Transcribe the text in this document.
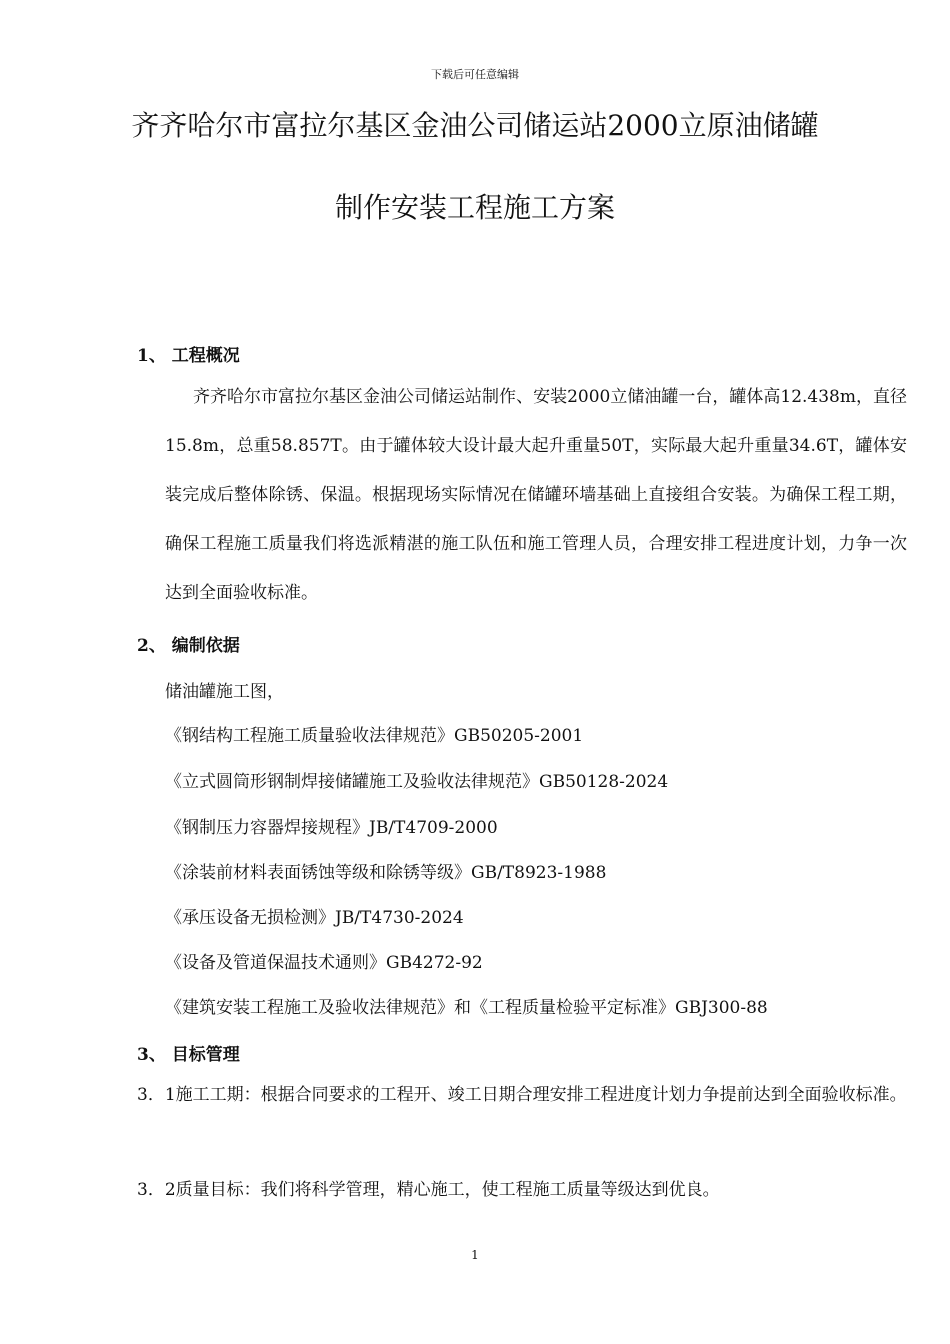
下载后可任意编辑
齐齐哈尔市富拉尔基区金油公司储运站2000立原油储罐
制作安装工程施工方案
1、 工程概况
齐齐哈尔市富拉尔基区金油公司储运站制作、安装2000立储油罐一台，罐体高12.438m，直径15.8m，总重58.857T。由于罐体较大设计最大起升重量50T，实际最大起升重量34.6T，罐体安装完成后整体除锈、保温。根据现场实际情况在储罐环墙基础上直接组合安装。为确保工程工期，确保工程施工质量我们将选派精湛的施工队伍和施工管理人员，合理安排工程进度计划，力争一次达到全面验收标准。
2、 编制依据
储油罐施工图，
《钢结构工程施工质量验收法律规范》GB50205-2001
《立式圆筒形钢制焊接储罐施工及验收法律规范》GB50128-2024
《钢制压力容器焊接规程》JB/T4709-2000
《涂装前材料表面锈蚀等级和除锈等级》GB/T8923-1988
《承压设备无损检测》JB/T4730-2024
《设备及管道保温技术通则》GB4272-92
《建筑安装工程施工及验收法律规范》和《工程质量检验平定标准》GBJ300-88
3、 目标管理
3．1施工工期：根据合同要求的工程开、竣工日期合理安排工程进度计划力争提前达到全面验收标准。
3．2质量目标：我们将科学管理，精心施工，使工程施工质量等级达到优良。
1
